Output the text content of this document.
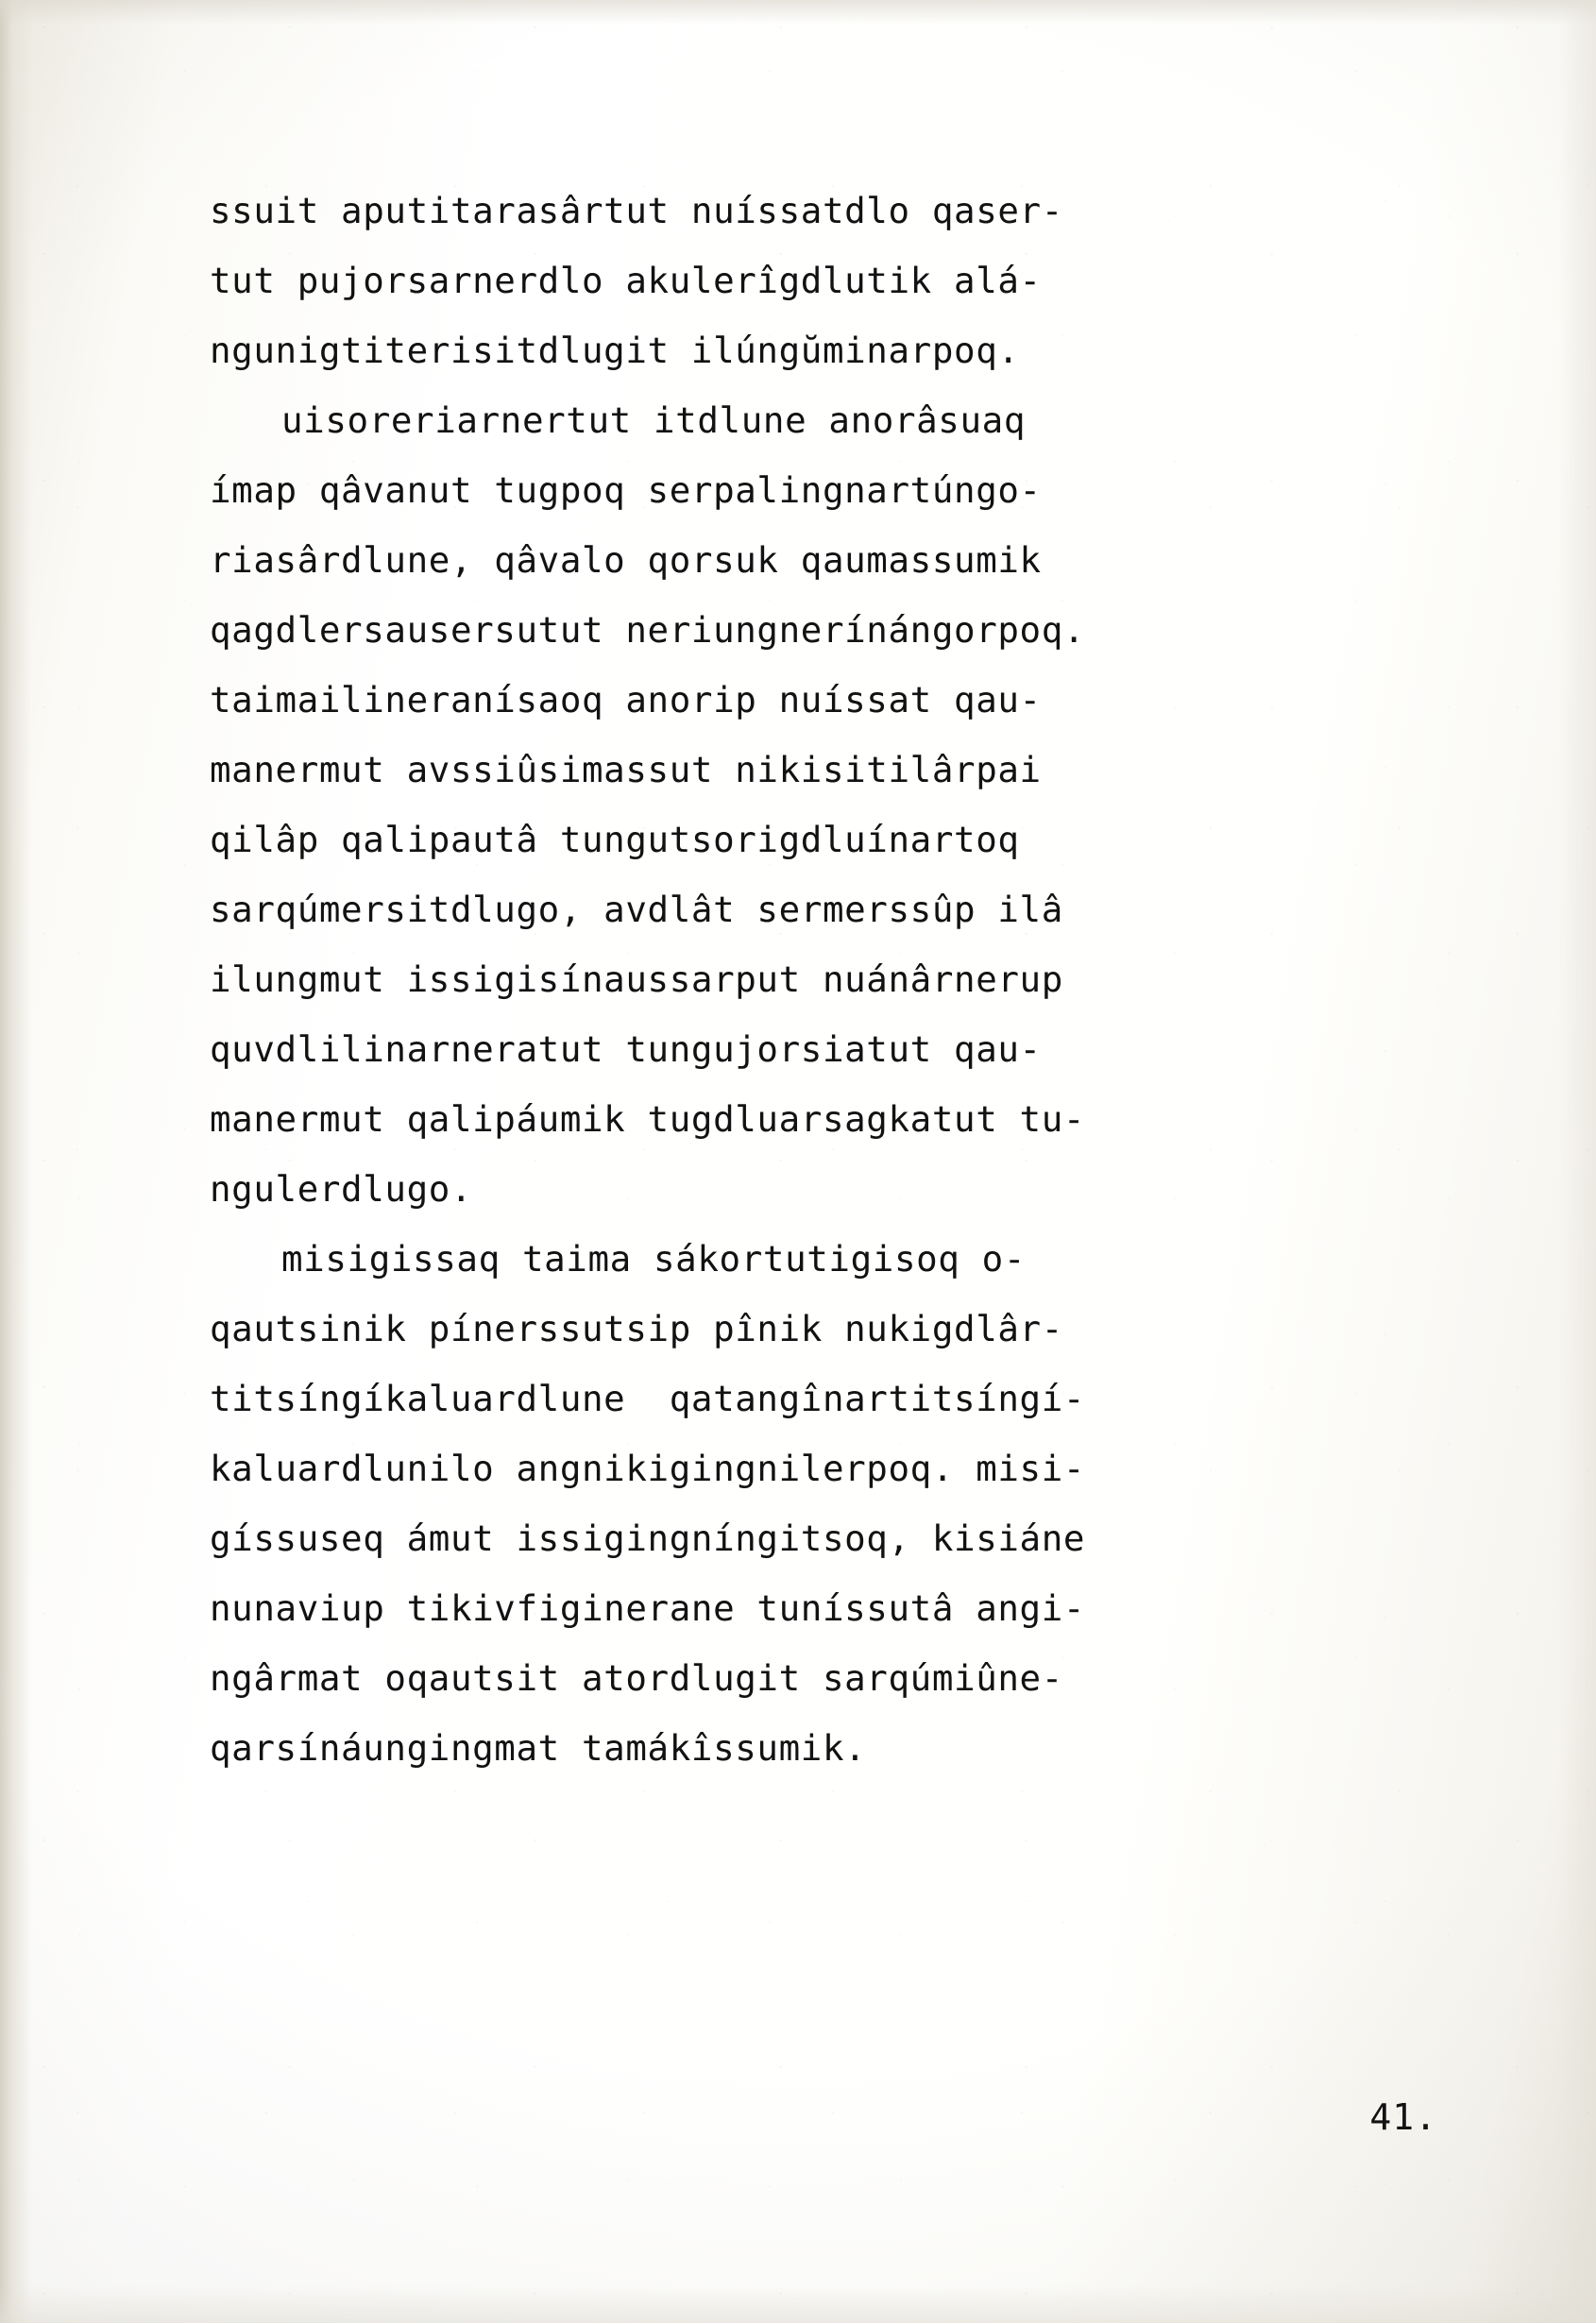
ssuit aputitarasârtut nuíssatdlo qaser-
tut pujorsarnerdlo akulerîgdlutik alá-
ngunigtiterisitdlugit ilúngŭminarpoq.
uisoreriarnertut itdlune anorâsuaq
ímap qâvanut tugpoq serpalingnartúngo-
riasârdlune, qâvalo qorsuk qaumassumik
qagdlersausersutut neriungnerínángorpoq.
taimailineranísaoq anorip nuíssat qau-
manermut avssiûsimassut nikisitilârpai
qilâp qalipautâ tungutsorigdluínartoq
sarqúmersitdlugo, avdlât sermerssûp ilâ
ilungmut issigisínaussarput nuánârnerup
quvdlilinarneratut tungujorsiatut qau-
manermut qalipáumik tugdluarsagkatut tu-
ngulerdlugo.
misigissaq taima sákortutigisoq o-
qautsinik pínerssutsip pînik nukigdlâr-
titsíngíkaluardlune  qatangînartitsíngí-
kaluardlunilo angnikigingnilerpoq. misi-
gíssuseq ámut issigingníngitsoq, kisiáne
nunaviup tikivfiginerane tuníssutâ angi-
ngârmat oqautsit atordlugit sarqúmiûne-
qarsínáungingmat tamákîssumik.
41.
